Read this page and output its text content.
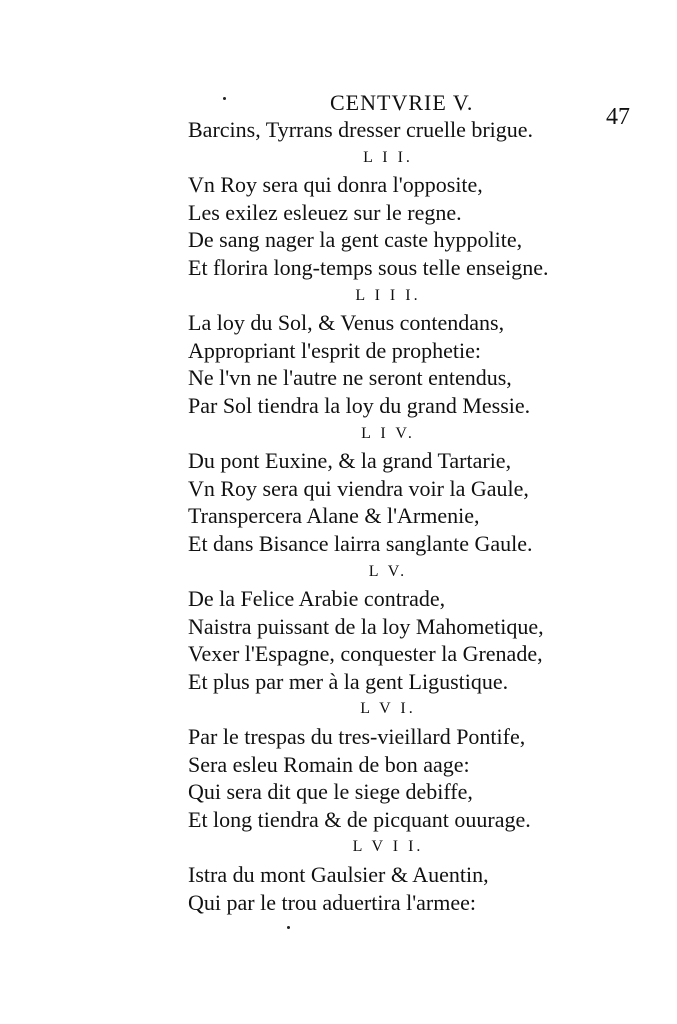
CENTVRIE V.
47
Barcins, Tyrrans dresser cruelle brigue.
L I I.
Vn Roy sera qui donra l'opposite,
Les exilez esleuez sur le regne.
De sang nager la gent caste hyppolite,
Et florira long-temps sous telle enseigne.
L I I I.
La loy du Sol, & Venus contendans,
Appropriant l'esprit de prophetie:
Ne l'vn ne l'autre ne seront entendus,
Par Sol tiendra la loy du grand Messie.
L I V.
Du pont Euxine, & la grand Tartarie,
Vn Roy sera qui viendra voir la Gaule,
Transpercera Alane & l'Armenie,
Et dans Bisance lairra sanglante Gaule.
L V.
De la Felice Arabie contrade,
Naistra puissant de la loy Mahometique,
Vexer l'Espagne, conquester la Grenade,
Et plus par mer à la gent Ligustique.
L V I.
Par le trespas du tres-vieillard Pontife,
Sera esleu Romain de bon aage:
Qui sera dit que le siege debiffe,
Et long tiendra & de picquant ouurage.
L V I I.
Istra du mont Gaulsier & Auentin,
Qui par le trou aduertira l'armee:
